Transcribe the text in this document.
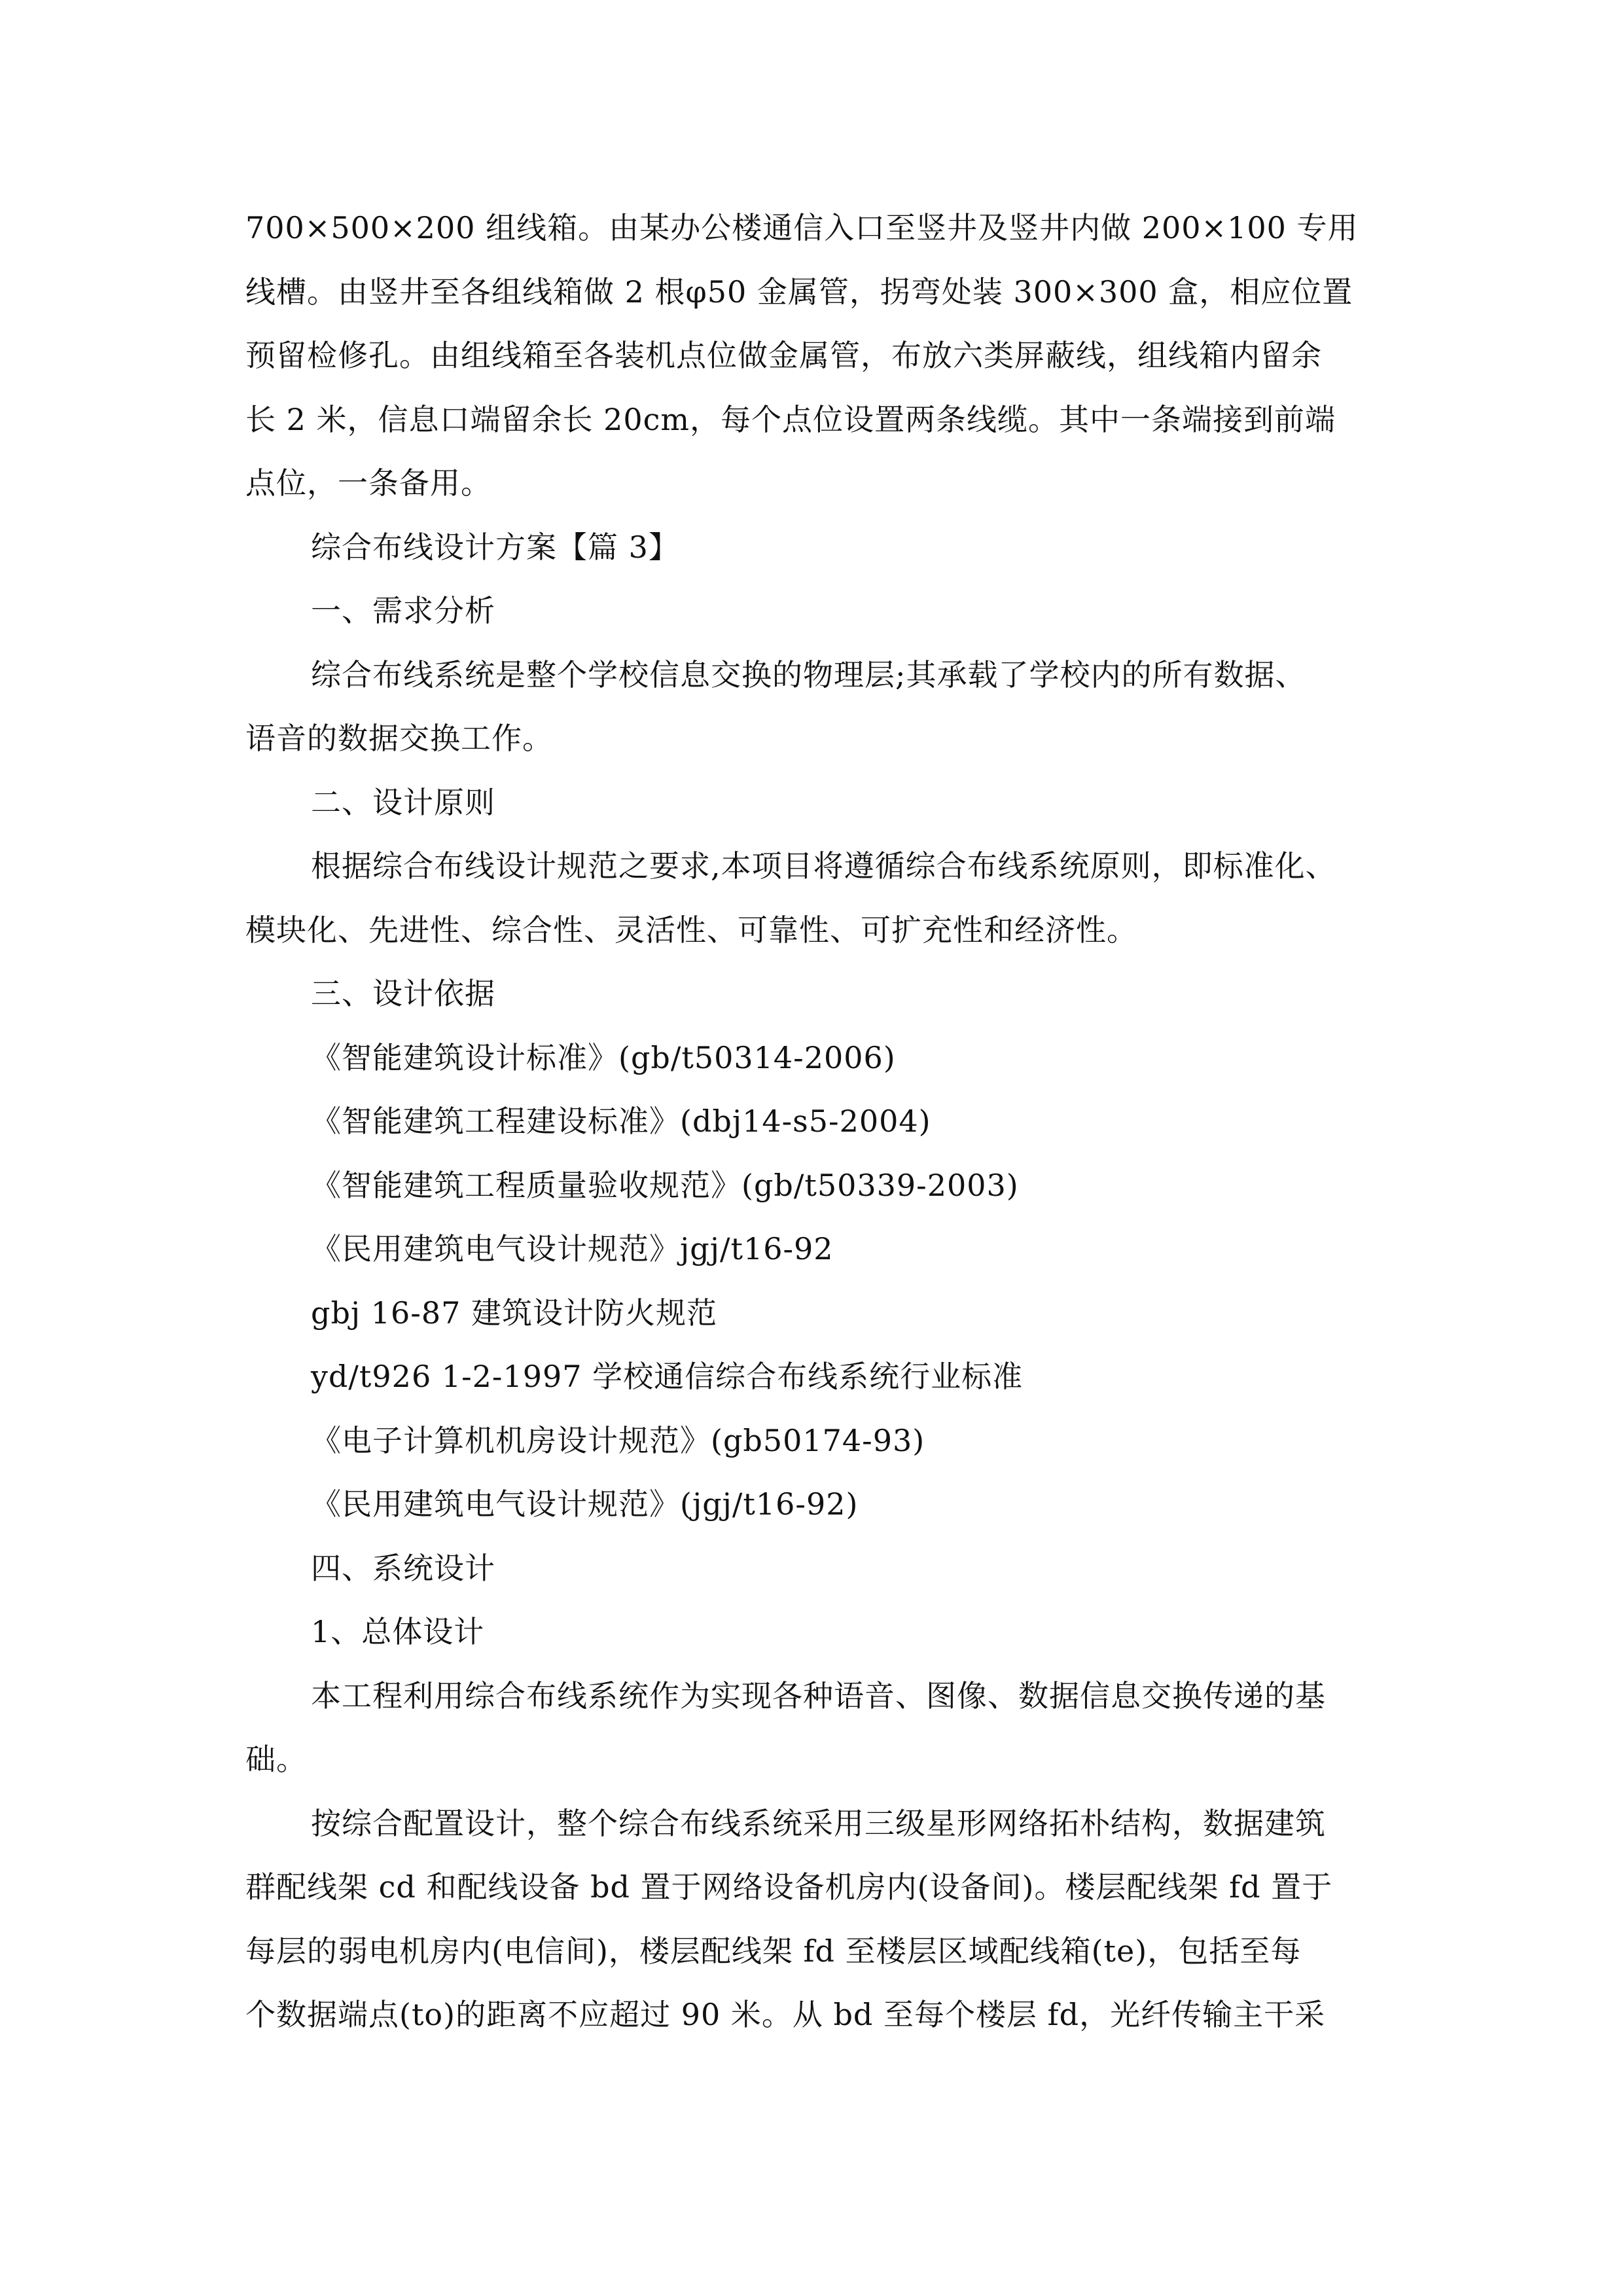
700×500×200 组线箱。由某办公楼通信入口至竖井及竖井内做 200×100 专用
线槽。由竖井至各组线箱做 2 根φ50 金属管，拐弯处装 300×300 盒，相应位置
预留检修孔。由组线箱至各装机点位做金属管，布放六类屏蔽线，组线箱内留余
长 2 米，信息口端留余长 20cm，每个点位设置两条线缆。其中一条端接到前端
点位，一条备用。
综合布线设计方案【篇 3】
一、需求分析
综合布线系统是整个学校信息交换的物理层;其承载了学校内的所有数据、
语音的数据交换工作。
二、设计原则
根据综合布线设计规范之要求,本项目将遵循综合布线系统原则，即标准化、
模块化、先进性、综合性、灵活性、可靠性、可扩充性和经济性。
三、设计依据
《智能建筑设计标准》(gb/t50314-2006)
《智能建筑工程建设标准》(dbj14-s5-2004)
《智能建筑工程质量验收规范》(gb/t50339-2003)
《民用建筑电气设计规范》jgj/t16-92
gbj 16-87 建筑设计防火规范
yd/t926 1-2-1997 学校通信综合布线系统行业标准
《电子计算机机房设计规范》(gb50174-93)
《民用建筑电气设计规范》(jgj/t16-92)
四、系统设计
1、总体设计
本工程利用综合布线系统作为实现各种语音、图像、数据信息交换传递的基
础。
按综合配置设计，整个综合布线系统采用三级星形网络拓朴结构，数据建筑
群配线架 cd 和配线设备 bd 置于网络设备机房内(设备间)。楼层配线架 fd 置于
每层的弱电机房内(电信间)，楼层配线架 fd 至楼层区域配线箱(te)，包括至每
个数据端点(to)的距离不应超过 90 米。从 bd 至每个楼层 fd，光纤传输主干采
